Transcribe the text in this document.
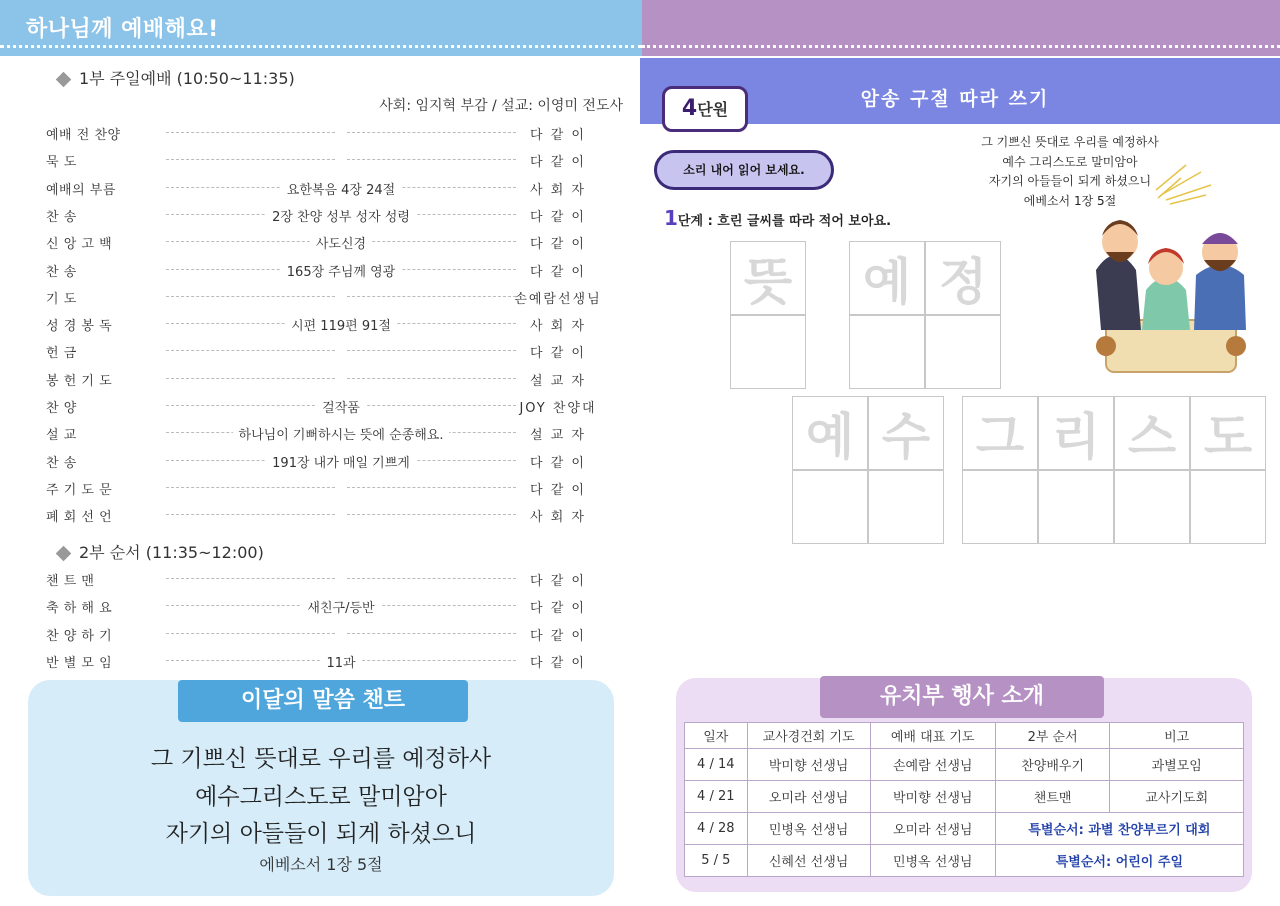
하나님께 예배해요!
1부 주일예배 (10:50~11:35)
사회: 임지혁 부감 / 설교: 이영미 전도사
예배 전 찬양	다 같 이
묵 도	다 같 이
예배의 부름	요한복음 4장 24절	사 회 자
찬 송	2장 찬양 성부 성자 성령	다 같 이
신 앙 고 백	사도신경	다 같 이
찬 송	165장 주님께 영광	다 같 이
기 도	손예람선생님
성 경 봉 독	시편 119편 91절	사 회 자
헌 금	다 같 이
봉 헌 기 도	설 교 자
찬 양	걸작품	JOY 찬양대
설 교	하나님이 기뻐하시는 뜻에 순종해요.	설 교 자
찬 송	191장 내가 매일 기쁘게	다 같 이
주 기 도 문	다 같 이
폐 회 선 언	사 회 자
2부 순서 (11:35~12:00)
챈 트 맨	다 같 이
축 하 해 요	새친구/등반	다 같 이
찬 양 하 기	다 같 이
반 별 모 임	11과	다 같 이
이달의 말씀 챈트
그 기쁘신 뜻대로 우리를 예정하사
예수그리스도로 말미암아
자기의 아들들이 되게 하셨으니
에베소서 1장 5절
암송 구절 따라 쓰기
4단원
소리 내어 읽어 보세요.
1단계 : 흐린 글씨를 따라 적어 보아요.
그 기쁘신 뜻대로 우리를 예정하사
예수 그리스도로 말미암아
자기의 아들들이 되게 하셨으니
에베소서 1장 5절
뜻 예 정
예 수 그 리 스 도
유치부 행사 소개
일자	교사경건회 기도	예배 대표 기도	2부 순서	비고
4 / 14	박미향 선생님	손예람 선생님	찬양배우기	과별모임
4 / 21	오미라 선생님	박미향 선생님	챈트맨	교사기도회
4 / 28	민병옥 선생님	오미라 선생님	특별순서: 과별 찬양부르기 대회	
5 / 5	신혜선 선생님	민병옥 선생님	특별순서: 어린이 주일	
